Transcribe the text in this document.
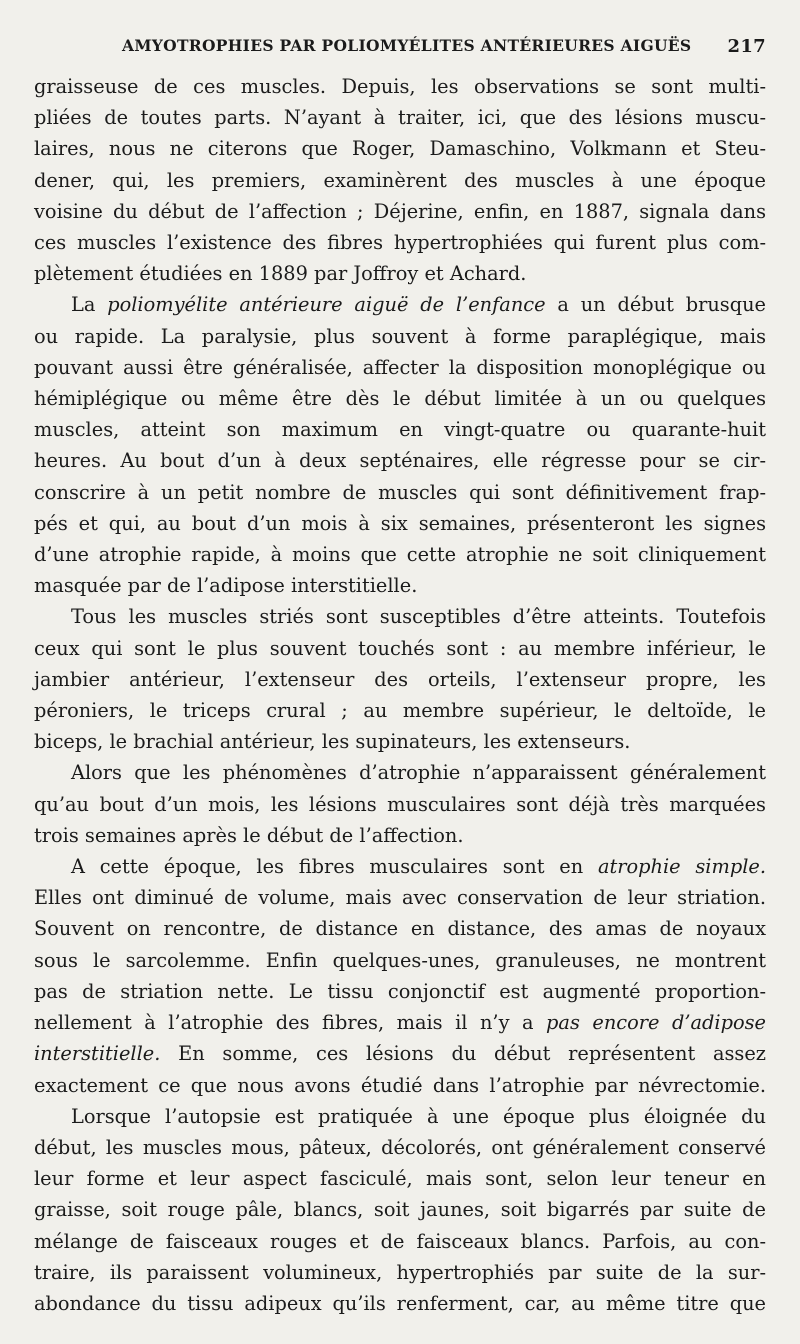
AMYOTROPHIES PAR POLIOMYÉLITES ANTÉRIEURES AIGUËS 217
graisseuse de ces muscles. Depuis, les observations se sont multi-
pliées de toutes parts. N’ayant à traiter, ici, que des lésions muscu-
laires, nous ne citerons que Roger, Damaschino, Volkmann et Steu-
dener, qui, les premiers, examinèrent des muscles à une époque
voisine du début de l’affection ; Déjerine, enfin, en 1887, signala dans
ces muscles l’existence des fibres hypertrophiées qui furent plus com-
plètement étudiées en 1889 par Joffroy et Achard.
La poliomyélite antérieure aiguë de l’enfance a un début brusque
ou rapide. La paralysie, plus souvent à forme paraplégique, mais
pouvant aussi être généralisée, affecter la disposition monoplégique ou
hémiplégique ou même être dès le début limitée à un ou quelques
muscles, atteint son maximum en vingt-quatre ou quarante-huit
heures. Au bout d’un à deux septénaires, elle régresse pour se cir-
conscrire à un petit nombre de muscles qui sont définitivement frap-
pés et qui, au bout d’un mois à six semaines, présenteront les signes
d’une atrophie rapide, à moins que cette atrophie ne soit cliniquement
masquée par de l’adipose interstitielle.
Tous les muscles striés sont susceptibles d’être atteints. Toutefois
ceux qui sont le plus souvent touchés sont : au membre inférieur, le
jambier antérieur, l’extenseur des orteils, l’extenseur propre, les
péroniers, le triceps crural ; au membre supérieur, le deltoïde, le
biceps, le brachial antérieur, les supinateurs, les extenseurs.
Alors que les phénomènes d’atrophie n’apparaissent généralement
qu’au bout d’un mois, les lésions musculaires sont déjà très marquées
trois semaines après le début de l’affection.
A cette époque, les fibres musculaires sont en atrophie simple.
Elles ont diminué de volume, mais avec conservation de leur striation.
Souvent on rencontre, de distance en distance, des amas de noyaux
sous le sarcolemme. Enfin quelques-unes, granuleuses, ne montrent
pas de striation nette. Le tissu conjonctif est augmenté proportion-
nellement à l’atrophie des fibres, mais il n’y a pas encore d’adipose
interstitielle. En somme, ces lésions du début représentent assez
exactement ce que nous avons étudié dans l’atrophie par névrectomie.
Lorsque l’autopsie est pratiquée à une époque plus éloignée du
début, les muscles mous, pâteux, décolorés, ont généralement conservé
leur forme et leur aspect fasciculé, mais sont, selon leur teneur en
graisse, soit rouge pâle, blancs, soit jaunes, soit bigarrés par suite de
mélange de faisceaux rouges et de faisceaux blancs. Parfois, au con-
traire, ils paraissent volumineux, hypertrophiés par suite de la sur-
abondance du tissu adipeux qu’ils renferment, car, au même titre que
